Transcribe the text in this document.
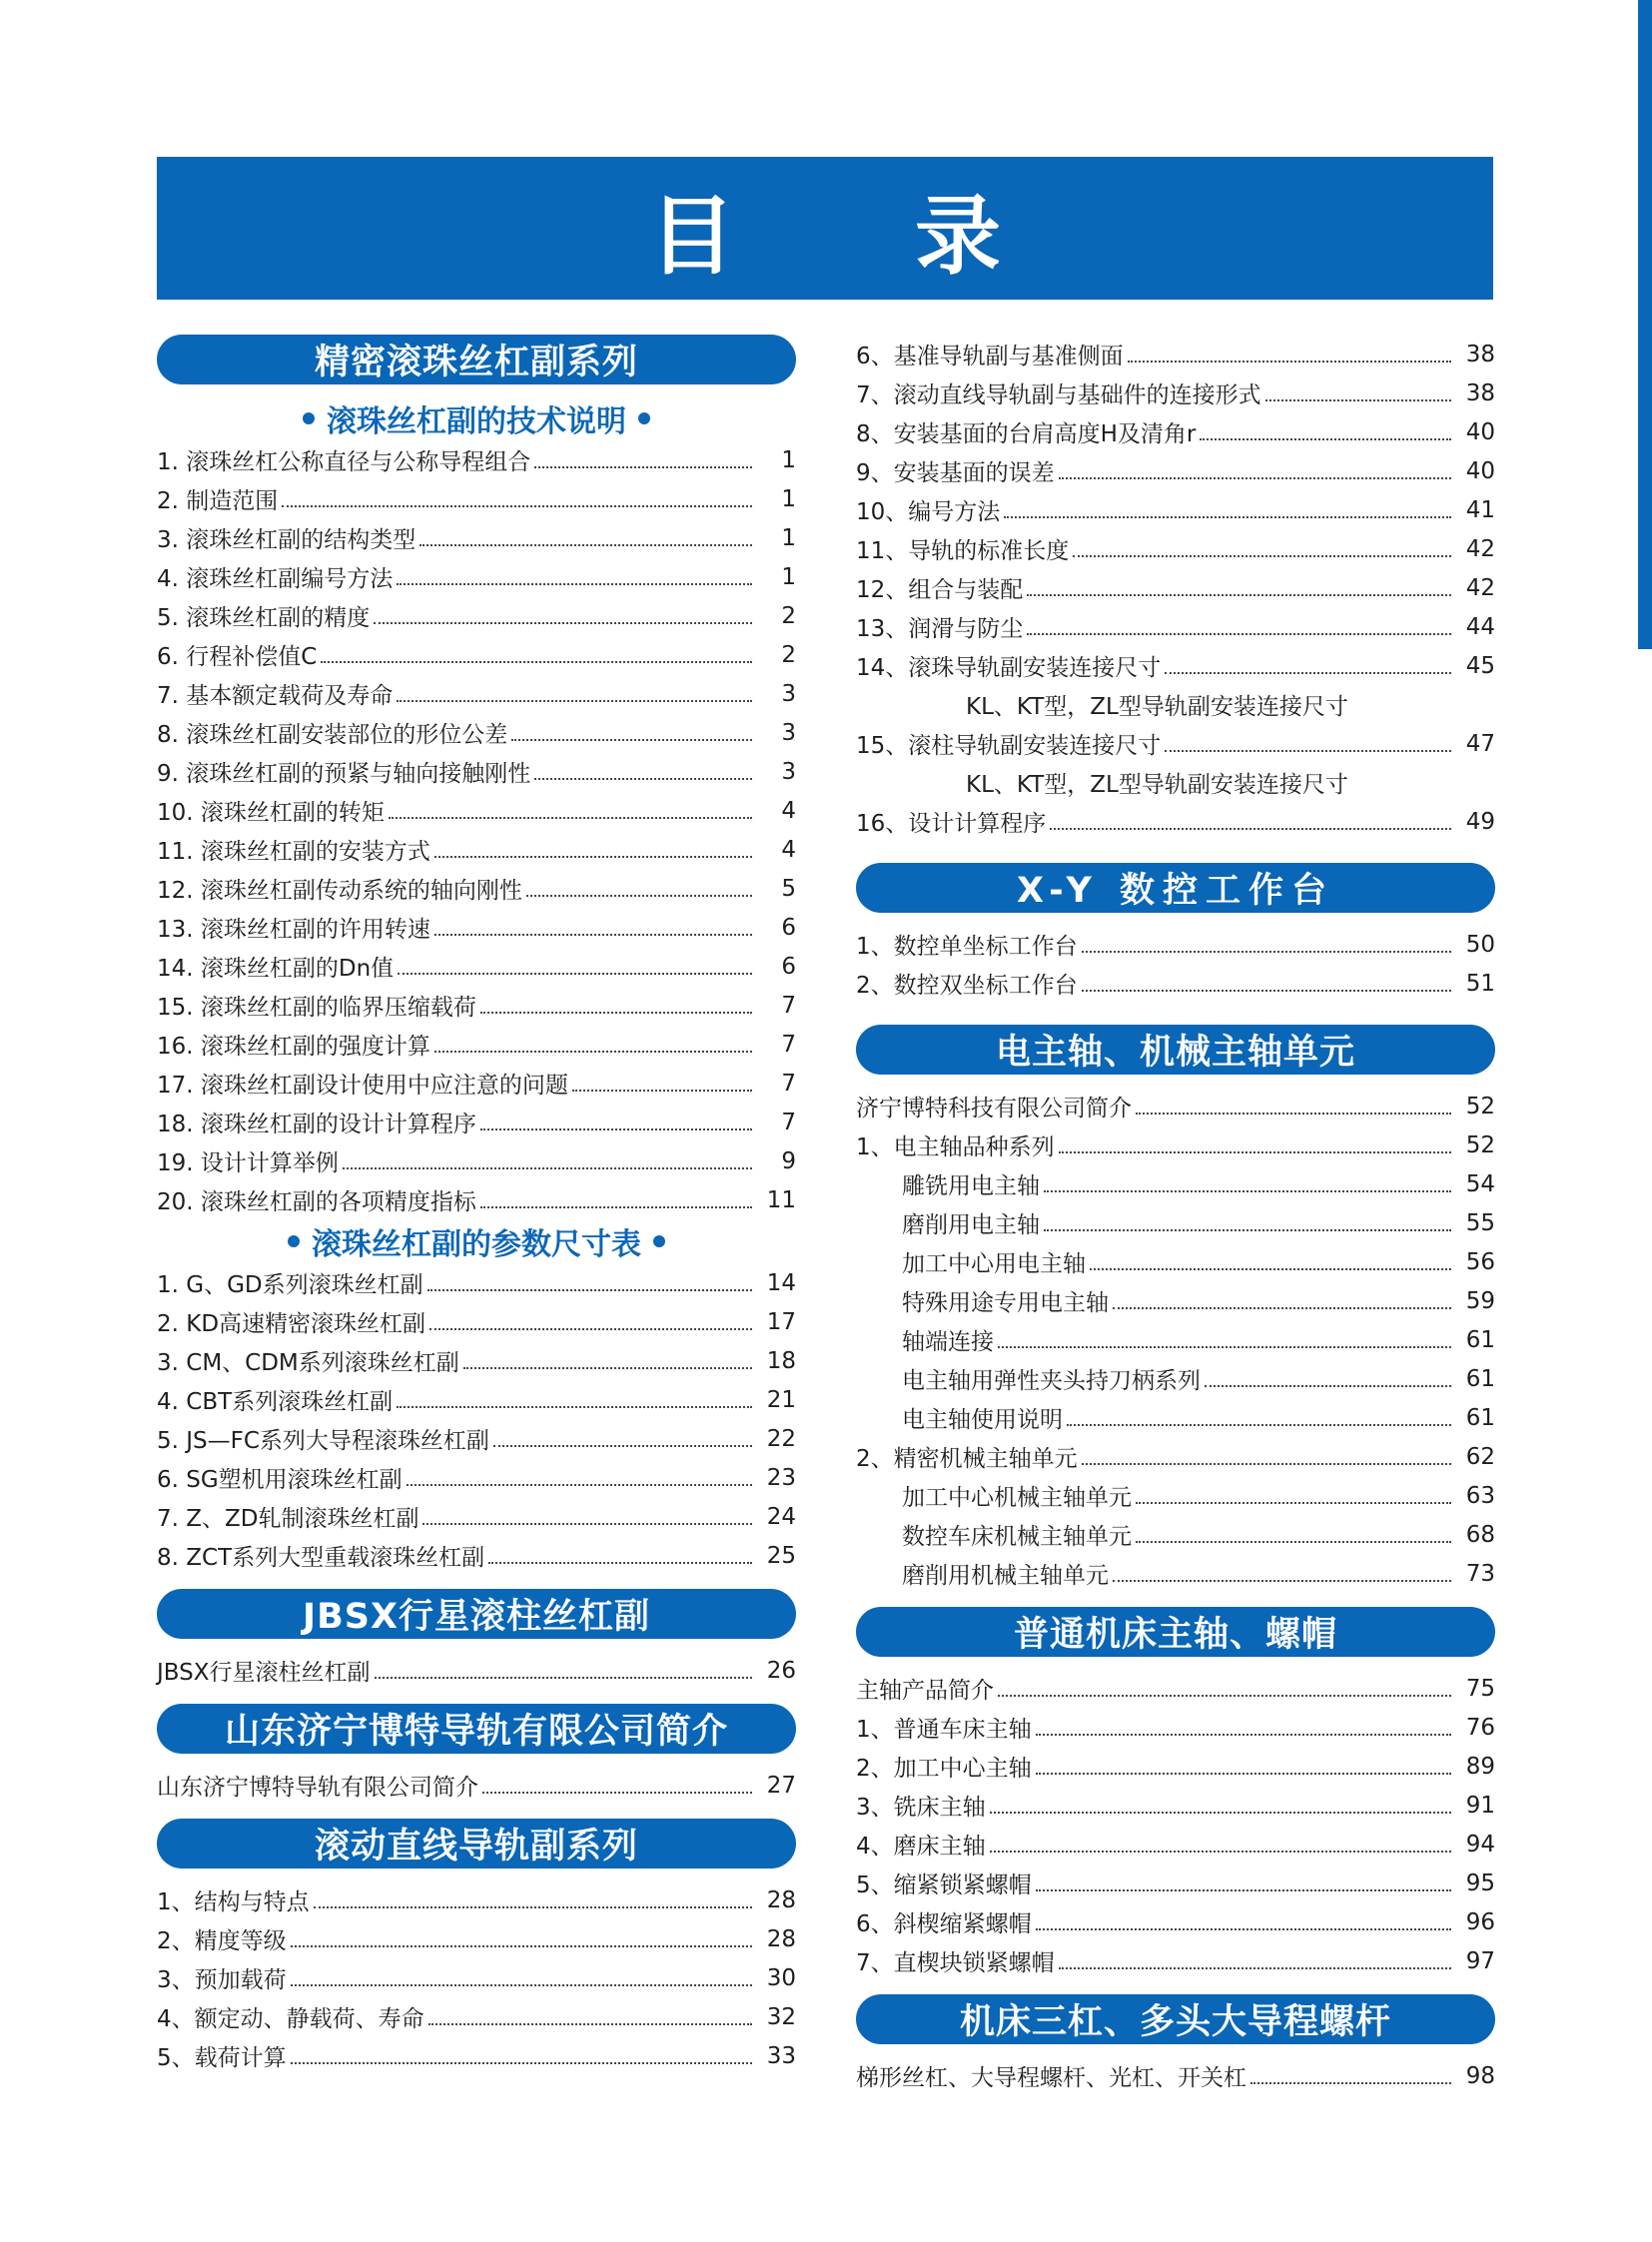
目 录
精密滚珠丝杠副系列
滚珠丝杠副的技术说明
1. 滚珠丝杠公称直径与公称导程组合	1
2. 制造范围	1
3. 滚珠丝杠副的结构类型	1
4. 滚珠丝杠副编号方法	1
5. 滚珠丝杠副的精度	2
6. 行程补偿值C	2
7. 基本额定载荷及寿命	3
8. 滚珠丝杠副安装部位的形位公差	3
9. 滚珠丝杠副的预紧与轴向接触刚性	3
10. 滚珠丝杠副的转矩	4
11. 滚珠丝杠副的安装方式	4
12. 滚珠丝杠副传动系统的轴向刚性	5
13. 滚珠丝杠副的许用转速	6
14. 滚珠丝杠副的Dn值	6
15. 滚珠丝杠副的临界压缩载荷	7
16. 滚珠丝杠副的强度计算	7
17. 滚珠丝杠副设计使用中应注意的问题	7
18. 滚珠丝杠副的设计计算程序	7
19. 设计计算举例	9
20. 滚珠丝杠副的各项精度指标	11
滚珠丝杠副的参数尺寸表
1. G、GD系列滚珠丝杠副	14
2. KD高速精密滚珠丝杠副	17
3. CM、CDM系列滚珠丝杠副	18
4. CBT系列滚珠丝杠副	21
5. JS—FC系列大导程滚珠丝杠副	22
6. SG塑机用滚珠丝杠副	23
7. Z、ZD轧制滚珠丝杠副	24
8. ZCT系列大型重载滚珠丝杠副	25
JBSX行星滚柱丝杠副
JBSX行星滚柱丝杠副	26
山东济宁博特导轨有限公司简介
山东济宁博特导轨有限公司简介	27
滚动直线导轨副系列
1、结构与特点	28
2、精度等级	28
3、预加载荷	30
4、额定动、静载荷、寿命	32
5、载荷计算	33
6、基准导轨副与基准侧面	38
7、滚动直线导轨副与基础件的连接形式	38
8、安装基面的台肩高度H及清角r	40
9、安装基面的误差	40
10、编号方法	41
11、导轨的标准长度	42
12、组合与装配	42
13、润滑与防尘	44
14、滚珠导轨副安装连接尺寸	45
KL、KT型，ZL型导轨副安装连接尺寸
15、滚柱导轨副安装连接尺寸	47
KL、KT型，ZL型导轨副安装连接尺寸
16、设计计算程序	49
X-Y 数控工作台
1、数控单坐标工作台	50
2、数控双坐标工作台	51
电主轴、机械主轴单元
济宁博特科技有限公司简介	52
1、电主轴品种系列	52
雕铣用电主轴	54
磨削用电主轴	55
加工中心用电主轴	56
特殊用途专用电主轴	59
轴端连接	61
电主轴用弹性夹头持刀柄系列	61
电主轴使用说明	61
2、精密机械主轴单元	62
加工中心机械主轴单元	63
数控车床机械主轴单元	68
磨削用机械主轴单元	73
普通机床主轴、螺帽
主轴产品简介	75
1、普通车床主轴	76
2、加工中心主轴	89
3、铣床主轴	91
4、磨床主轴	94
5、缩紧锁紧螺帽	95
6、斜楔缩紧螺帽	96
7、直楔块锁紧螺帽	97
机床三杠、多头大导程螺杆
梯形丝杠、大导程螺杆、光杠、开关杠	98
